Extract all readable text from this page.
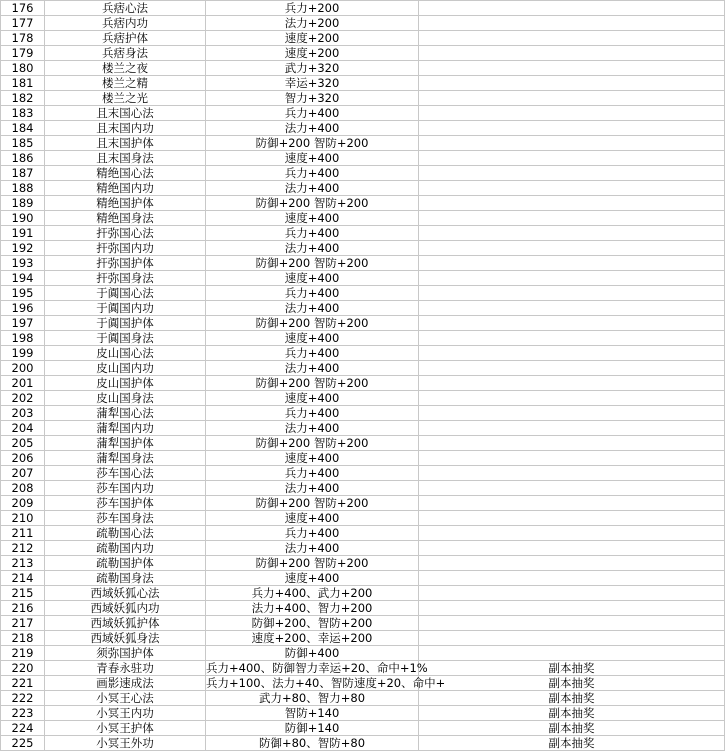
176	兵痞心法	兵力+200	
177	兵痞内功	法力+200	
178	兵痞护体	速度+200	
179	兵痞身法	速度+200	
180	楼兰之夜	武力+320	
181	楼兰之精	幸运+320	
182	楼兰之光	智力+320	
183	且末国心法	兵力+400	
184	且末国内功	法力+400	
185	且末国护体	防御+200 智防+200	
186	且末国身法	速度+400	
187	精绝国心法	兵力+400	
188	精绝国内功	法力+400	
189	精绝国护体	防御+200 智防+200	
190	精绝国身法	速度+400	
191	扞弥国心法	兵力+400	
192	扞弥国内功	法力+400	
193	扞弥国护体	防御+200 智防+200	
194	扞弥国身法	速度+400	
195	于阗国心法	兵力+400	
196	于阗国内功	法力+400	
197	于阗国护体	防御+200 智防+200	
198	于阗国身法	速度+400	
199	皮山国心法	兵力+400	
200	皮山国内功	法力+400	
201	皮山国护体	防御+200 智防+200	
202	皮山国身法	速度+400	
203	蒲犁国心法	兵力+400	
204	蒲犁国内功	法力+400	
205	蒲犁国护体	防御+200 智防+200	
206	蒲犁国身法	速度+400	
207	莎车国心法	兵力+400	
208	莎车国内功	法力+400	
209	莎车国护体	防御+200 智防+200	
210	莎车国身法	速度+400	
211	疏勒国心法	兵力+400	
212	疏勒国内功	法力+400	
213	疏勒国护体	防御+200 智防+200	
214	疏勒国身法	速度+400	
215	西域妖狐心法	兵力+400、武力+200	
216	西域妖狐内功	法力+400、智力+200	
217	西域妖狐护体	防御+200、智防+200	
218	西域妖狐身法	速度+200、幸运+200	
219	须弥国护体	防御+400	
220	青春永驻功	兵力+400、防御智力幸运+20、命中+1%	副本抽奖
221	画影速成法	兵力+100、法力+40、智防速度+20、命中+	副本抽奖
222	小冥王心法	武力+80、智力+80	副本抽奖
223	小冥王内功	智防+140	副本抽奖
224	小冥王护体	防御+140	副本抽奖
225	小冥王外功	防御+80、智防+80	副本抽奖
